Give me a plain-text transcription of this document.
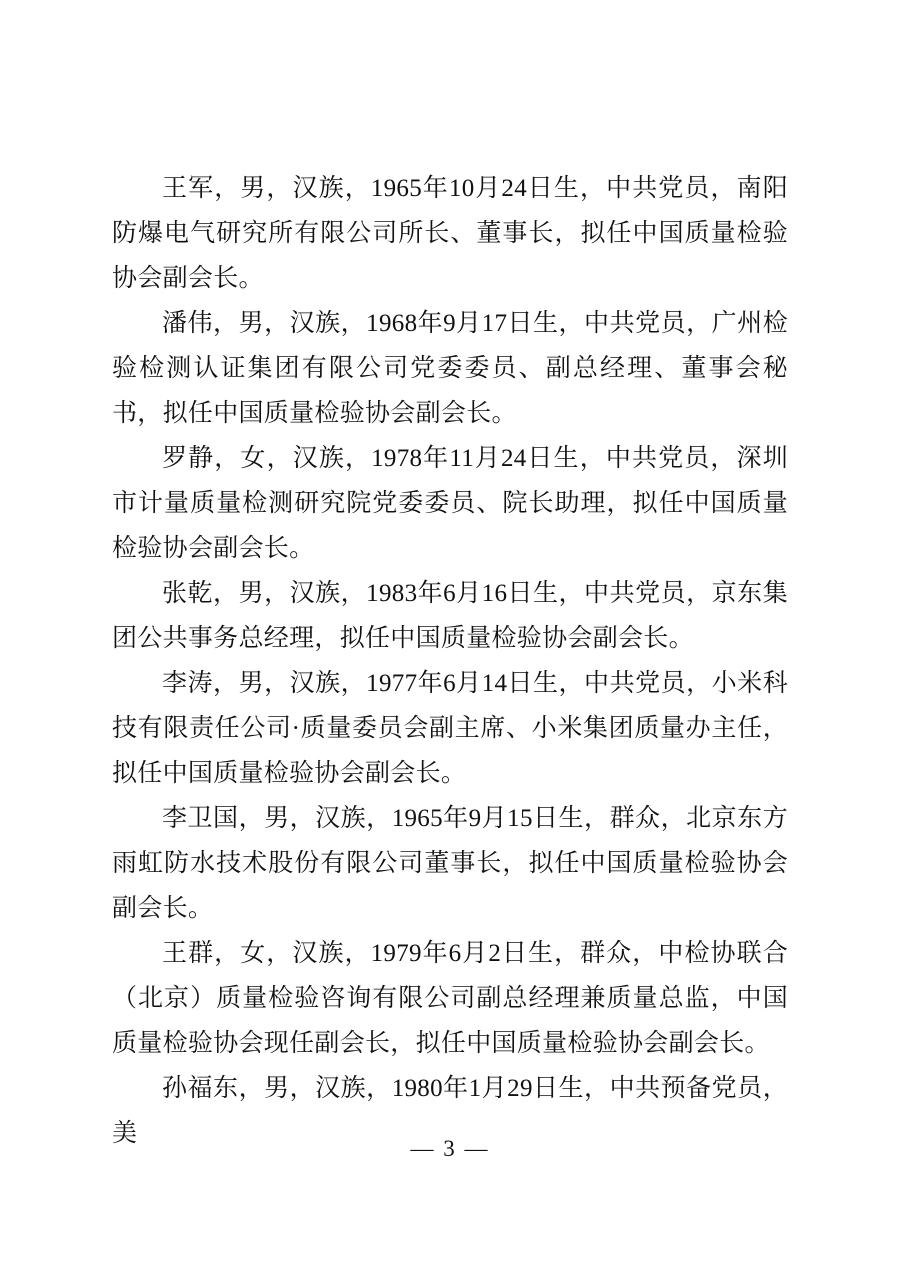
王军，男，汉族，1965年10月24日生，中共党员，南阳防爆电气研究所有限公司所长、董事长，拟任中国质量检验协会副会长。

潘伟，男，汉族，1968年9月17日生，中共党员，广州检验检测认证集团有限公司党委委员、副总经理、董事会秘书，拟任中国质量检验协会副会长。

罗静，女，汉族，1978年11月24日生，中共党员，深圳市计量质量检测研究院党委委员、院长助理，拟任中国质量检验协会副会长。

张乾，男，汉族，1983年6月16日生，中共党员，京东集团公共事务总经理，拟任中国质量检验协会副会长。

李涛，男，汉族，1977年6月14日生，中共党员，小米科技有限责任公司·质量委员会副主席、小米集团质量办主任，拟任中国质量检验协会副会长。

李卫国，男，汉族，1965年9月15日生，群众，北京东方雨虹防水技术股份有限公司董事长，拟任中国质量检验协会副会长。

王群，女，汉族，1979年6月2日生，群众，中检协联合（北京）质量检验咨询有限公司副总经理兼质量总监，中国质量检验协会现任副会长，拟任中国质量检验协会副会长。

孙福东，男，汉族，1980年1月29日生，中共预备党员，美

— 3 —
